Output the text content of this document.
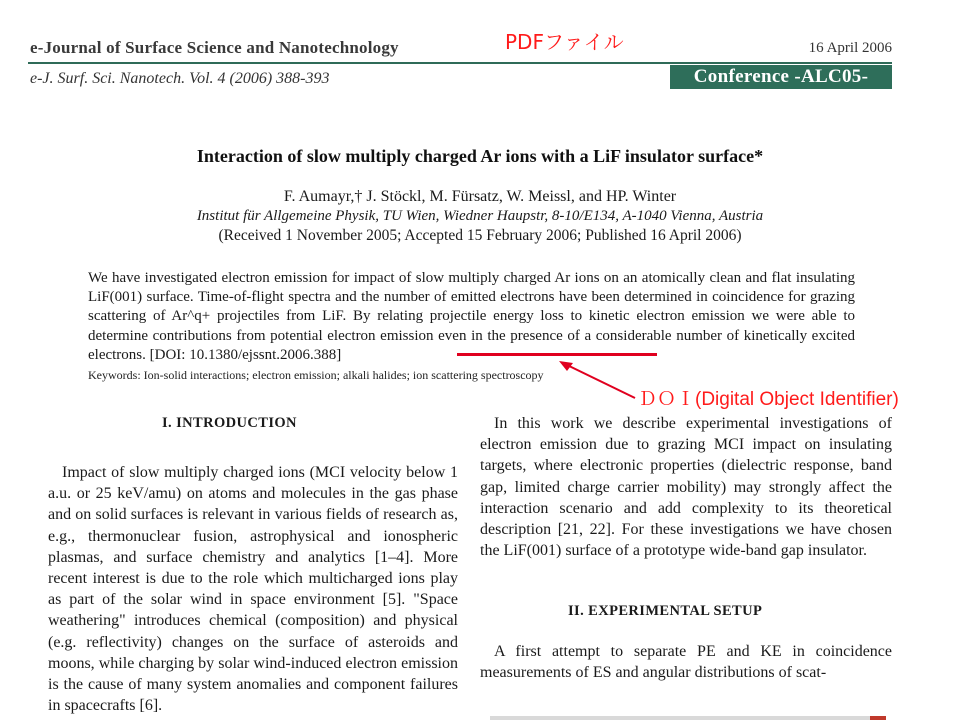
e-Journal of Surface Science and Nanotechnology	16 April 2006
e-J. Surf. Sci. Nanotech. Vol. 4 (2006) 388-393	Conference -ALC05-
PDFファイル
Interaction of slow multiply charged Ar ions with a LiF insulator surface*
F. Aumayr,† J. Stöckl, M. Fürsatz, W. Meissl, and HP. Winter
Institut für Allgemeine Physik, TU Wien, Wiedner Haupstr, 8-10/E134, A-1040 Vienna, Austria
(Received 1 November 2005; Accepted 15 February 2006; Published 16 April 2006)
We have investigated electron emission for impact of slow multiply charged Ar ions on an atomically clean and flat insulating LiF(001) surface. Time-of-flight spectra and the number of emitted electrons have been determined in coincidence for grazing scattering of Ar^q+ projectiles from LiF. By relating projectile energy loss to kinetic electron emission we were able to determine contributions from potential electron emission even in the presence of a considerable number of kinetically excited electrons. [DOI: 10.1380/ejssnt.2006.388]
Keywords: Ion-solid interactions; electron emission; alkali halides; ion scattering spectroscopy
ＤＯＩ(Digital Object Identifier)
I. INTRODUCTION
Impact of slow multiply charged ions (MCI velocity below 1 a.u. or 25 keV/amu) on atoms and molecules in the gas phase and on solid surfaces is relevant in various fields of research as, e.g., thermonuclear fusion, astrophysical and ionospheric plasmas, and surface chemistry and analytics [1–4]. More recent interest is due to the role which multicharged ions play as part of the solar wind in space environment [5]. "Space weathering" introduces chemical (composition) and physical (e.g. reflectivity) changes on the surface of asteroids and moons, while charging by solar wind-induced electron emission is the cause of many system anomalies and component failures in spacecrafts [6].
In this work we describe experimental investigations of electron emission due to grazing MCI impact on insulating targets, where electronic properties (dielectric response, band gap, limited charge carrier mobility) may strongly affect the interaction scenario and add complexity to its theoretical description [21, 22]. For these investigations we have chosen the LiF(001) surface of a prototype wide-band gap insulator.
II. EXPERIMENTAL SETUP
A first attempt to separate PE and KE in coincidence measurements of ES and angular distributions of scat-
